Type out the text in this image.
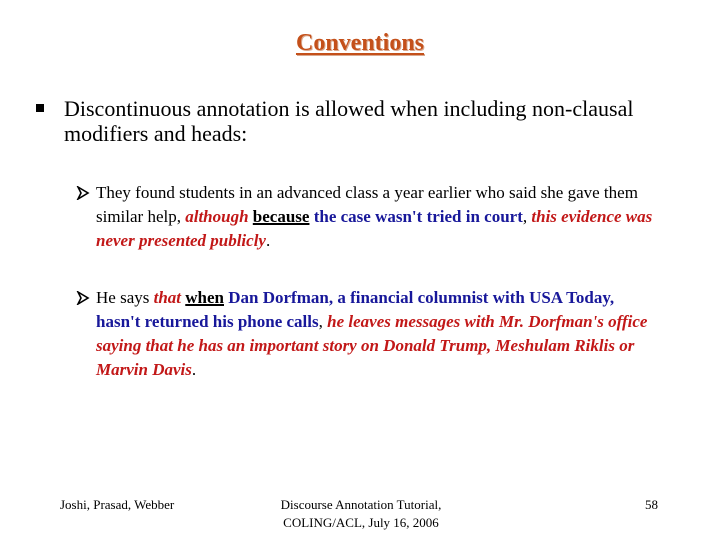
Conventions
Discontinuous annotation is allowed when including non-clausal modifiers and heads:
They found students in an advanced class a year earlier who said she gave them similar help, although because the case wasn't tried in court, this evidence was never presented publicly.
He says that when Dan Dorfman, a financial columnist with USA Today, hasn't returned his phone calls, he leaves messages with Mr. Dorfman's office saying that he has an important story on Donald Trump, Meshulam Riklis or Marvin Davis.
Joshi, Prasad, Webber	Discourse Annotation Tutorial,
COLING/ACL, July 16, 2006
58
